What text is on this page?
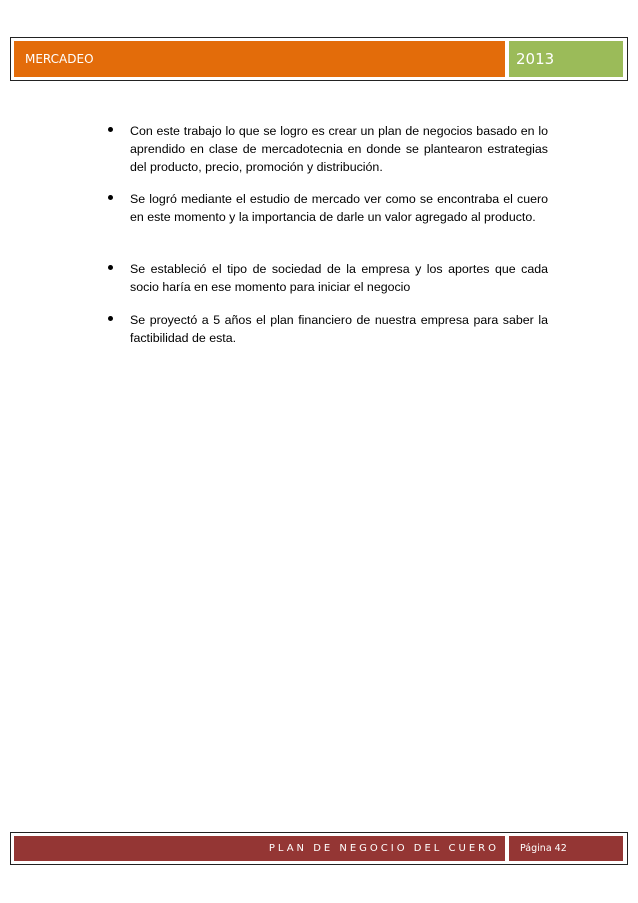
MERCADEO	2013
Con este trabajo lo que se logro es crear un plan de negocios basado en lo aprendido en clase de mercadotecnia en donde se plantearon estrategias del producto, precio, promoción y distribución.
Se logró mediante el estudio de mercado ver como se encontraba el cuero en este momento y la importancia de darle un valor agregado al producto.
Se estableció el tipo de sociedad de la empresa y los aportes que cada socio haría en ese momento para iniciar el negocio
Se proyectó a 5 años el plan financiero de nuestra empresa para saber la factibilidad de esta.
PLAN DE NEGOCIO DEL CUERO	Página 42
